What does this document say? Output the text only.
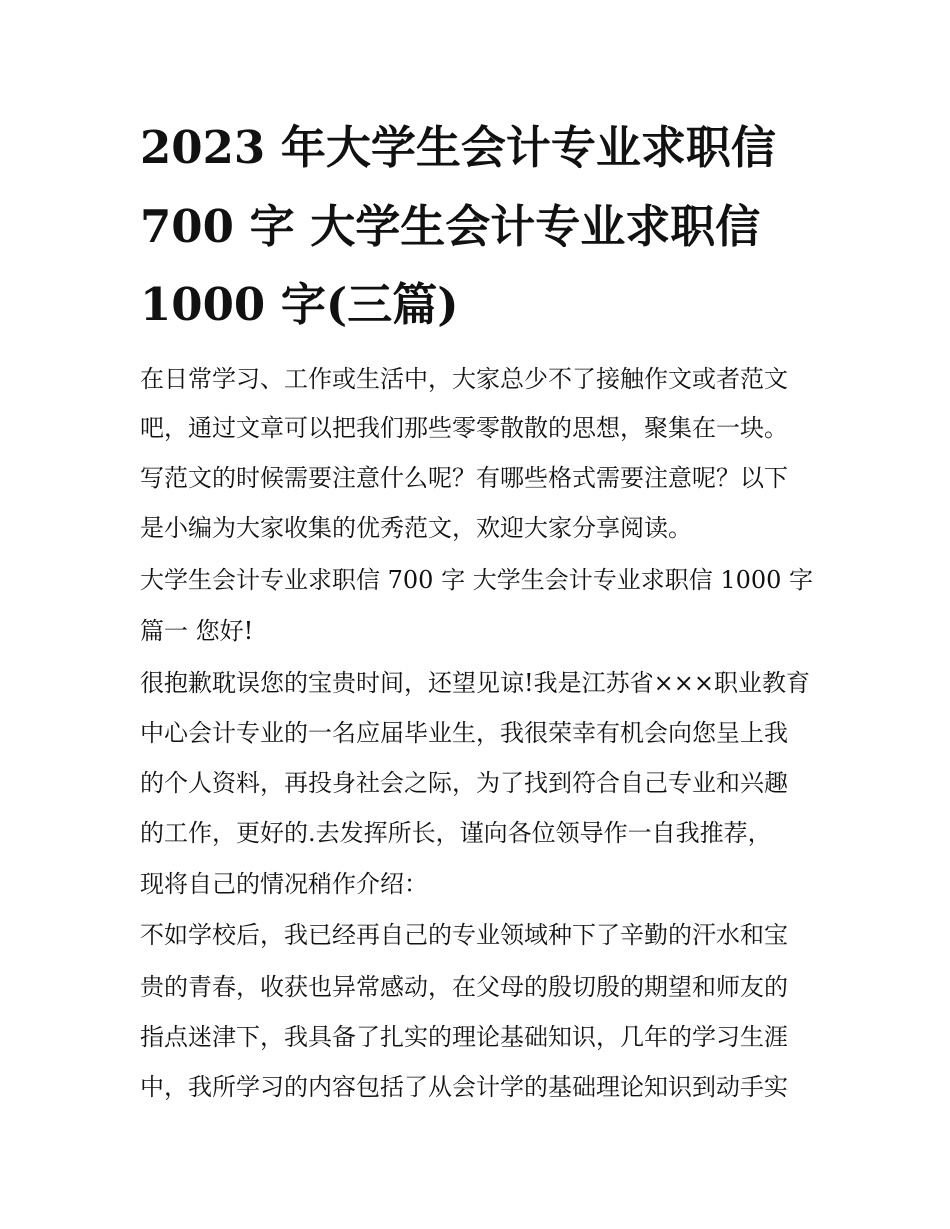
2023 年大学生会计专业求职信
700 字 大学生会计专业求职信
1000 字(三篇)
在日常学习、工作或生活中，大家总少不了接触作文或者范文
吧，通过文章可以把我们那些零零散散的思想，聚集在一块。
写范文的时候需要注意什么呢？有哪些格式需要注意呢？以下
是小编为大家收集的优秀范文，欢迎大家分享阅读。
大学生会计专业求职信 700 字 大学生会计专业求职信 1000 字
篇一 您好!
很抱歉耽误您的宝贵时间，还望见谅!我是江苏省×××职业教育
中心会计专业的一名应届毕业生，我很荣幸有机会向您呈上我
的个人资料，再投身社会之际，为了找到符合自己专业和兴趣
的工作，更好的.去发挥所长，谨向各位领导作一自我推荐，
现将自己的情况稍作介绍：
不如学校后，我已经再自己的专业领域种下了辛勤的汗水和宝
贵的青春，收获也异常感动，在父母的殷切殷的期望和师友的
指点迷津下，我具备了扎实的理论基础知识，几年的学习生涯
中，我所学习的内容包括了从会计学的基础理论知识到动手实
